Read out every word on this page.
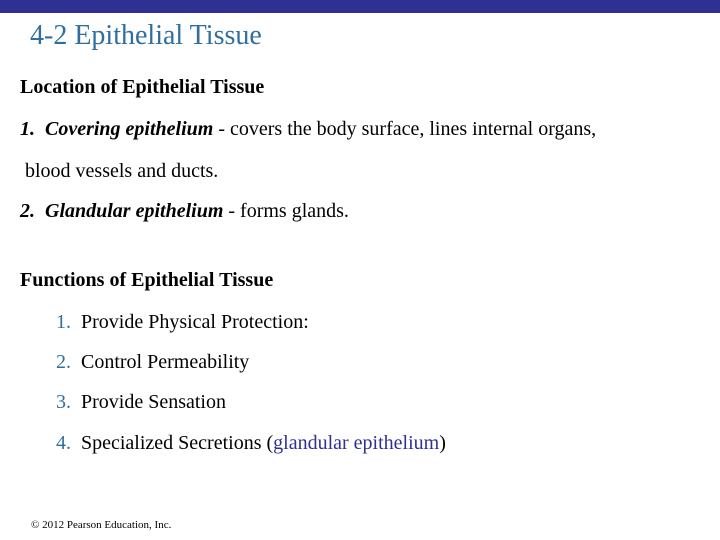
4-2 Epithelial Tissue
Location of Epithelial Tissue
1. Covering epithelium - covers the body surface, lines internal organs,
blood vessels and ducts.
2. Glandular epithelium - forms glands.
Functions of Epithelial Tissue
1. Provide Physical Protection:
2. Control Permeability
3. Provide Sensation
4. Specialized Secretions (glandular epithelium)
© 2012 Pearson Education, Inc.
